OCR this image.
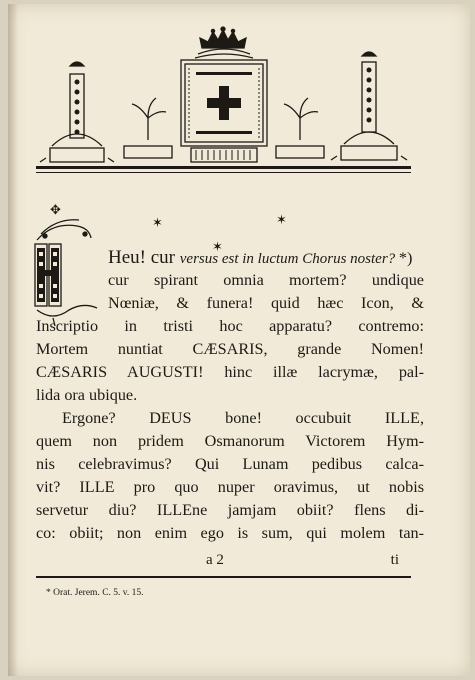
✶
✶
✶
✥
Heu! cur versus est in luctum Chorus noster? *)
cur spirant omnia mortem? undique
Nœniæ, & funera! quid hæc Icon, &
Inscriptio in tristi hoc apparatu? contremo:
Mortem nuntiat CÆSARIS, grande Nomen!
CÆSARIS AUGUSTI! hinc illæ lacrymæ, pal-
lida ora ubique.
Ergone? DEUS bone! occubuit ILLE,
quem non pridem Osmanorum Victorem Hym-
nis celebravimus? Qui Lunam pedibus calca-
vit? ILLE pro quo nuper oravimus, ut nobis
servetur diu? ILLEne jamjam obiit? flens di-
co: obiit; non enim ego is sum, qui molem tan-
a 2	ti
* Orat. Jerem. C. 5. v. 15.
